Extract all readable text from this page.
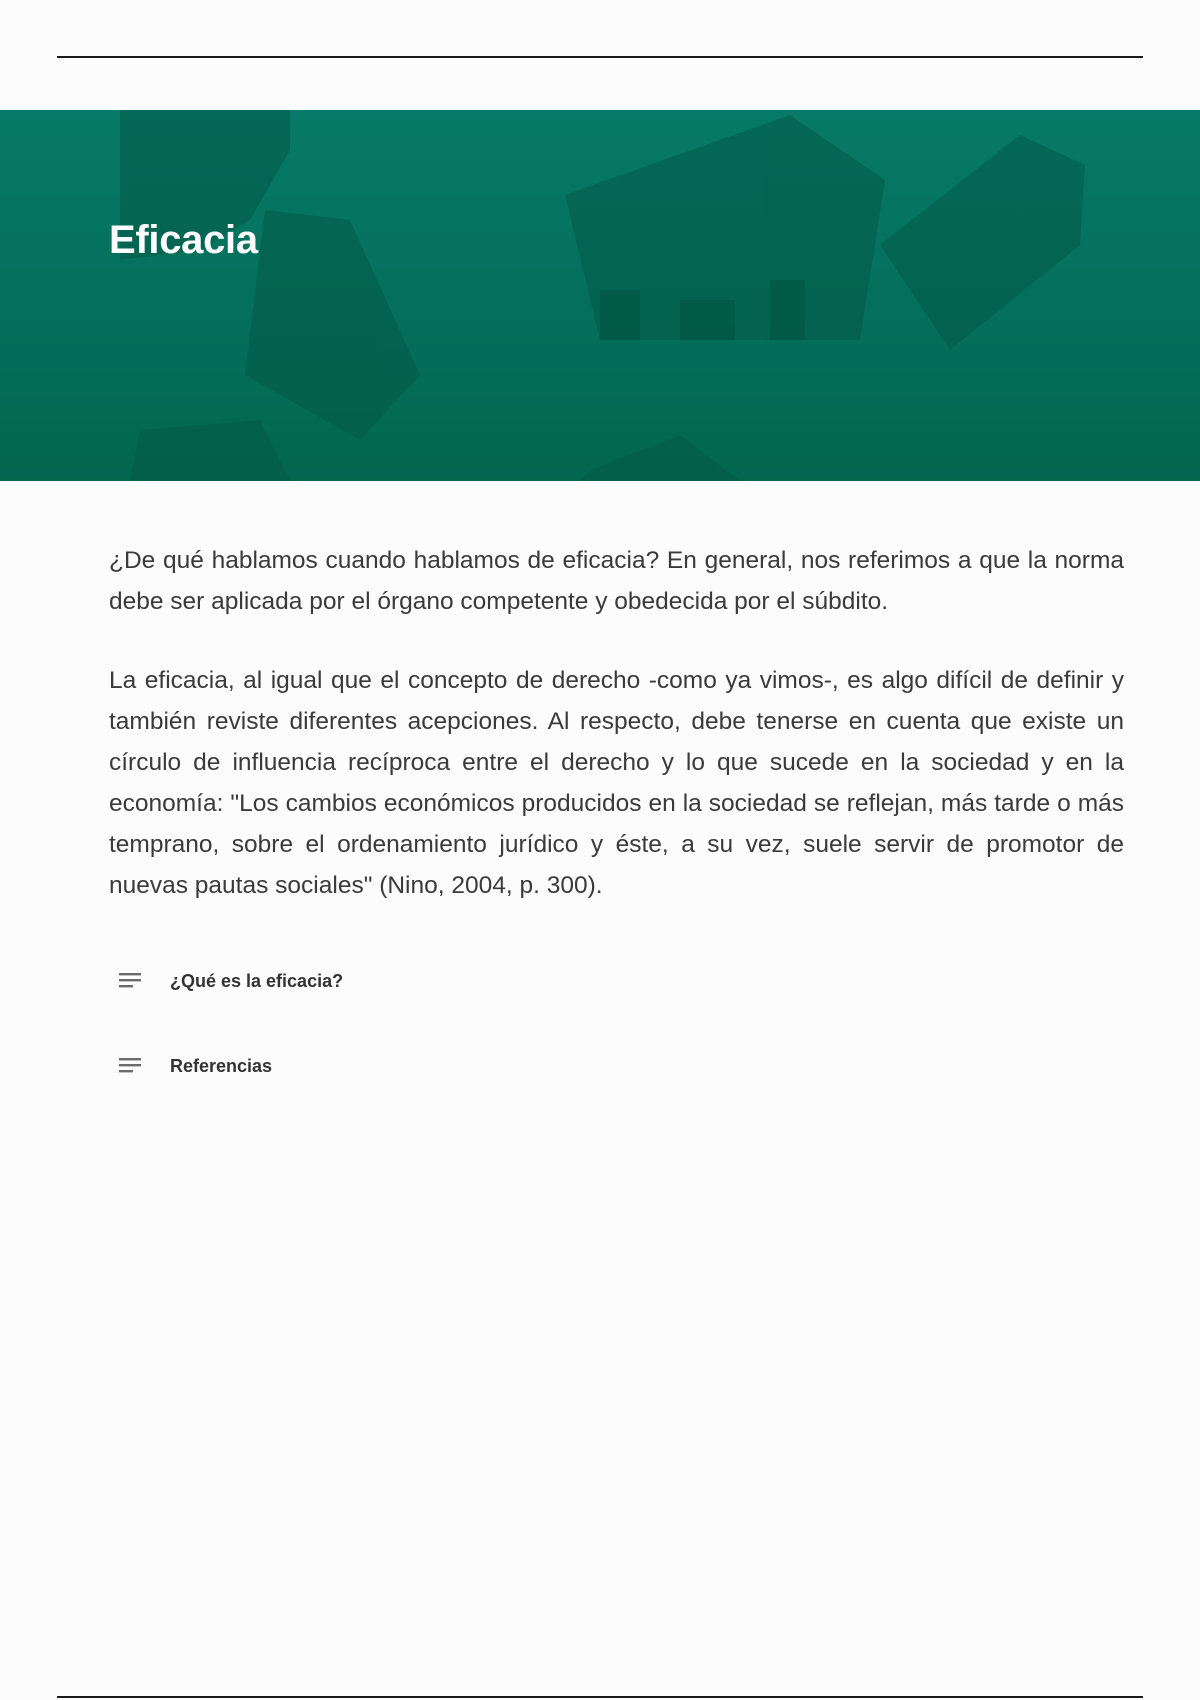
Eficacia

¿De qué hablamos cuando hablamos de eficacia? En general, nos referimos a que la norma debe ser aplicada por el órgano competente y obedecida por el súbdito.

La eficacia, al igual que el concepto de derecho -como ya vimos-, es algo difícil de definir y también reviste diferentes acepciones. Al respecto, debe tenerse en cuenta que existe un círculo de influencia recíproca entre el derecho y lo que sucede en la sociedad y en la economía: "Los cambios económicos producidos en la sociedad se reflejan, más tarde o más temprano, sobre el ordenamiento jurídico y éste, a su vez, suele servir de promotor de nuevas pautas sociales" (Nino, 2004, p. 300).

¿Qué es la eficacia?
Referencias
